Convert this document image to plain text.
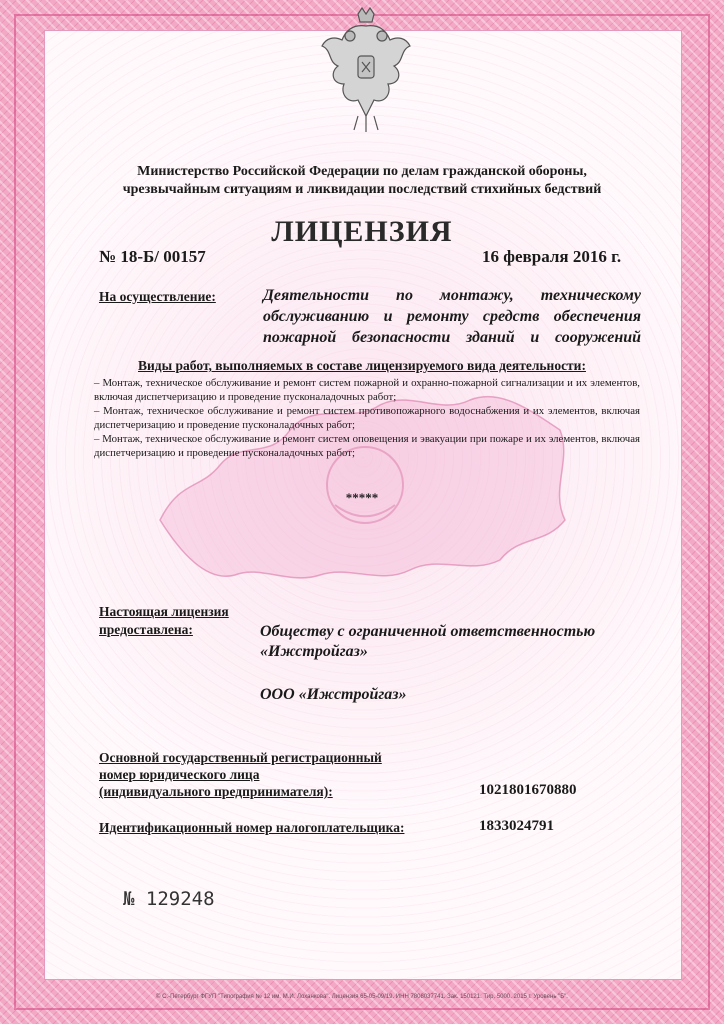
Министерство Российской Федерации по делам гражданской обороны,
чрезвычайным ситуациям и ликвидации последствий стихийных бедствий
ЛИЦЕНЗИЯ
№ 18-Б/ 00157	16 февраля 2016 г.
На осуществление:	Деятельности по монтажу, техническому
обслуживанию и ремонту средств обеспечения
пожарной безопасности зданий и сооружений
Виды работ, выполняемых в составе лицензируемого вида деятельности:
– Монтаж, техническое обслуживание и ремонт систем пожарной и охранно-пожарной сигнализации и их элементов, включая диспетчеризацию и проведение пусконаладочных работ;
– Монтаж, техническое обслуживание и ремонт систем противопожарного водоснабжения и их элементов, включая диспетчеризацию и проведение пусконаладочных работ;
– Монтаж, техническое обслуживание и ремонт систем оповещения и эвакуации при пожаре и их элементов, включая диспетчеризацию и проведение пусконаладочных работ;
*****
Настоящая лицензия
предоставлена:	Обществу с ограниченной ответственностью
«Ижстройгаз»
ООО «Ижстройгаз»
Основной государственный регистрационный
номер юридического лица
(индивидуального предпринимателя):	1021801670880
Идентификационный номер налогоплательщика:	1833024791
№ 129248
© С.-Петербург ФГУП "Типография № 12 им. М.И. Лоханкова". Лицензия 65-05-09/19. ИНН 7808037741. Зак. 150121. Тир. 5000. 2015 г. Уровень "Б".
